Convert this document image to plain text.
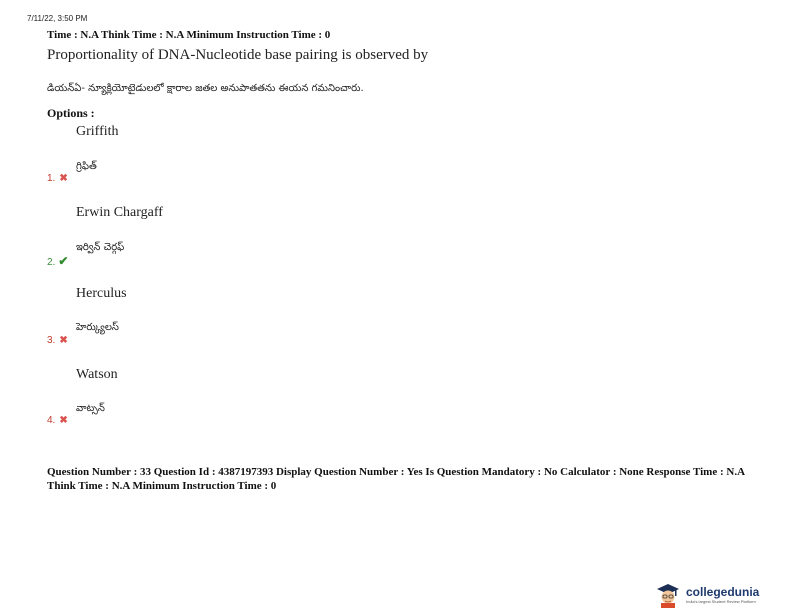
7/11/22, 3:50 PM
Time : N.A Think Time : N.A Minimum Instruction Time : 0
Proportionality of DNA-Nucleotide base pairing is observed by
డియన్ఏ- న్యూక్లియోటైడులలో క్షారాల జతల అనుపాతతను ఈయన గమనించారు.
Options :
Griffith
గ్రిఫిత్
1. ✖
Erwin Chargaff
ఇర్విన్ చెర్గఫ్
2. ✔
Herculus
హెర్క్యులస్
3. ✖
Watson
వాట్సన్
4. ✖
Question Number : 33 Question Id : 4387197393 Display Question Number : Yes Is Question Mandatory : No Calculator : None Response Time : N.A Think Time : N.A Minimum Instruction Time : 0
collegedunia
India's largest Student Review Platform
